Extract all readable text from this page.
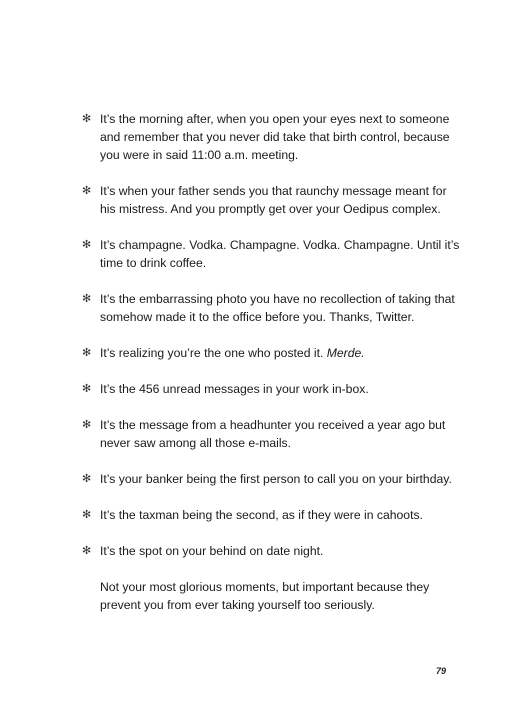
✻ It’s the morning after, when you open your eyes next to someone and remember that you never did take that birth control, because you were in said 11:00 a.m. meeting.
✻ It’s when your father sends you that raunchy message meant for his mistress. And you promptly get over your Oedipus complex.
✻ It’s champagne. Vodka. Champagne. Vodka. Champagne. Until it’s time to drink coffee.
✻ It’s the embarrassing photo you have no recollection of taking that somehow made it to the office before you. Thanks, Twitter.
✻ It’s realizing you’re the one who posted it. Merde.
✻ It’s the 456 unread messages in your work in-box.
✻ It’s the message from a headhunter you received a year ago but never saw among all those e-mails.
✻ It’s your banker being the first person to call you on your birthday.
✻ It’s the taxman being the second, as if they were in cahoots.
✻ It’s the spot on your behind on date night.
Not your most glorious moments, but important because they prevent you from ever taking yourself too seriously.
79
